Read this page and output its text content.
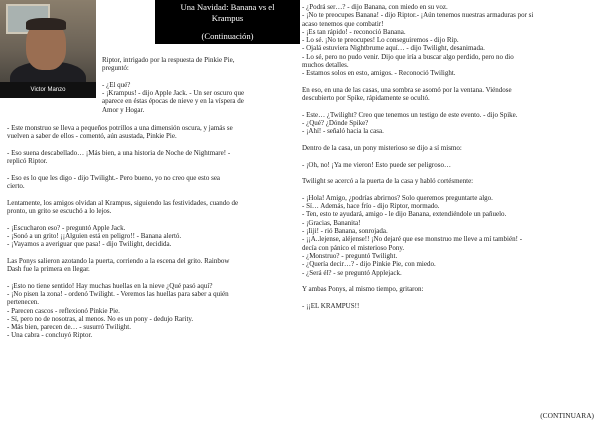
Victor Manzo
Una Navidad: Banana vs el
Krampus
(Continuación)

Riptor, intrigado por la respuesta de Pinkie Pie,
preguntó:

- ¿El qué?
- ¡Krampus! - dijo Apple Jack. - Un ser oscuro que
aparece en éstas épocas de nieve y en la víspera de
Amor y Hogar.

- Este monstruo se lleva a pequeños potrillos a una dimensión oscura, y jamás se
vuelven a saber de ellos - comentó, aún asustada, Pinkie Pie.

- Eso suena descabellado… ¡Más bien, a una historia de Noche de Nightmare! -
replicó Riptor.

- Eso es lo que les digo - dijo Twilight.- Pero bueno, yo no creo que esto sea
cierto.

Lentamente, los amigos olvidan al Krampus, siguiendo las festividades, cuando de
pronto, un grito se escuchó a lo lejos.

- ¡Escucharon eso? - preguntó Apple Jack.
- ¡Sonó a un grito! ¡¡Alguien está en peligro!! - Banana alertó.
- ¡Vayamos a averiguar que pasa! - dijo Twilight, decidida.

Las Ponys salieron azotando la puerta, corriendo a la escena del grito. Rainbow
Dash fue la primera en llegar.

- ¡Esto no tiene sentido! Hay muchas huellas en la nieve ¿Qué pasó aquí?
- ¡No pisen la zona! - ordenó Twilight. - Veremos las huellas para saber a quién
pertenecen.
- Parecen cascos - reflexionó Pinkie Pie.
- Sí, pero no de nosotras, al menos. No es un pony - dedujo Rarity.
- Más bien, parecen de… - susurró Twilight.
- Una cabra - concluyó Riptor.

- ¿Podrá ser…? - dijo Banana, con miedo en su voz.
- ¡No te preocupes Banana! - dijo Riptor.- ¡Aún tenemos nuestras armaduras por si
acaso tenemos que combatir!
- ¡Es tan rápido! - reconoció Banana.
- Lo sé. ¡No te preocupes! Lo conseguiremos - dijo Rip.
- Ojalá estuviera Nightbrume aquí… - dijo Twilight, desanimada.
- Lo sé, pero no pudo venir. Dijo que iría a buscar algo perdido, pero no dio
muchos detalles.
- Estamos solos en esto, amigos. - Reconoció Twilight.

En eso, en una de las casas, una sombra se asomó por la ventana. Viéndose
descubierto por Spike, rápidamente se ocultó.

- Este… ¿Twilight? Creo que tenemos un testigo de este evento. - dijo Spike.
- ¿Qué? ¿Dónde Spike?
- ¡Ahí! - señaló hacia la casa.

Dentro de la casa, un pony misterioso se dijo a sí mismo:

- ¡Oh, no! ¡Ya me vieron! Esto puede ser peligroso…

Twilight se acercó a la puerta de la casa y habló cortésmente:

- ¡Hola! Amigo, ¿podrías abrirnos? Solo queremos preguntarte algo.
- Sí… Además, hace frío - dijo Riptor, mormado.
- Ten, esto te ayudará, amigo - le dijo Banana, extendiéndole un pañuelo.
- ¡Gracias, Bananita!
- ¡Iiji! - rió Banana, sonrojada.
- ¡¡A..lejense, aléjense!! ¡No dejaré que ese monstruo me lleve a mí también! -
decía con pánico el misterioso Pony.
- ¿Monstruo? - preguntó Twilight.
- ¿Quería decir…? - dijo Pinkie Pie, con miedo.
- ¿Será él? - se preguntó Applejack.

Y ambas Ponys, al mismo tiempo, gritaron:

- ¡¡EL KRAMPUS!!

(CONTINUARA)
